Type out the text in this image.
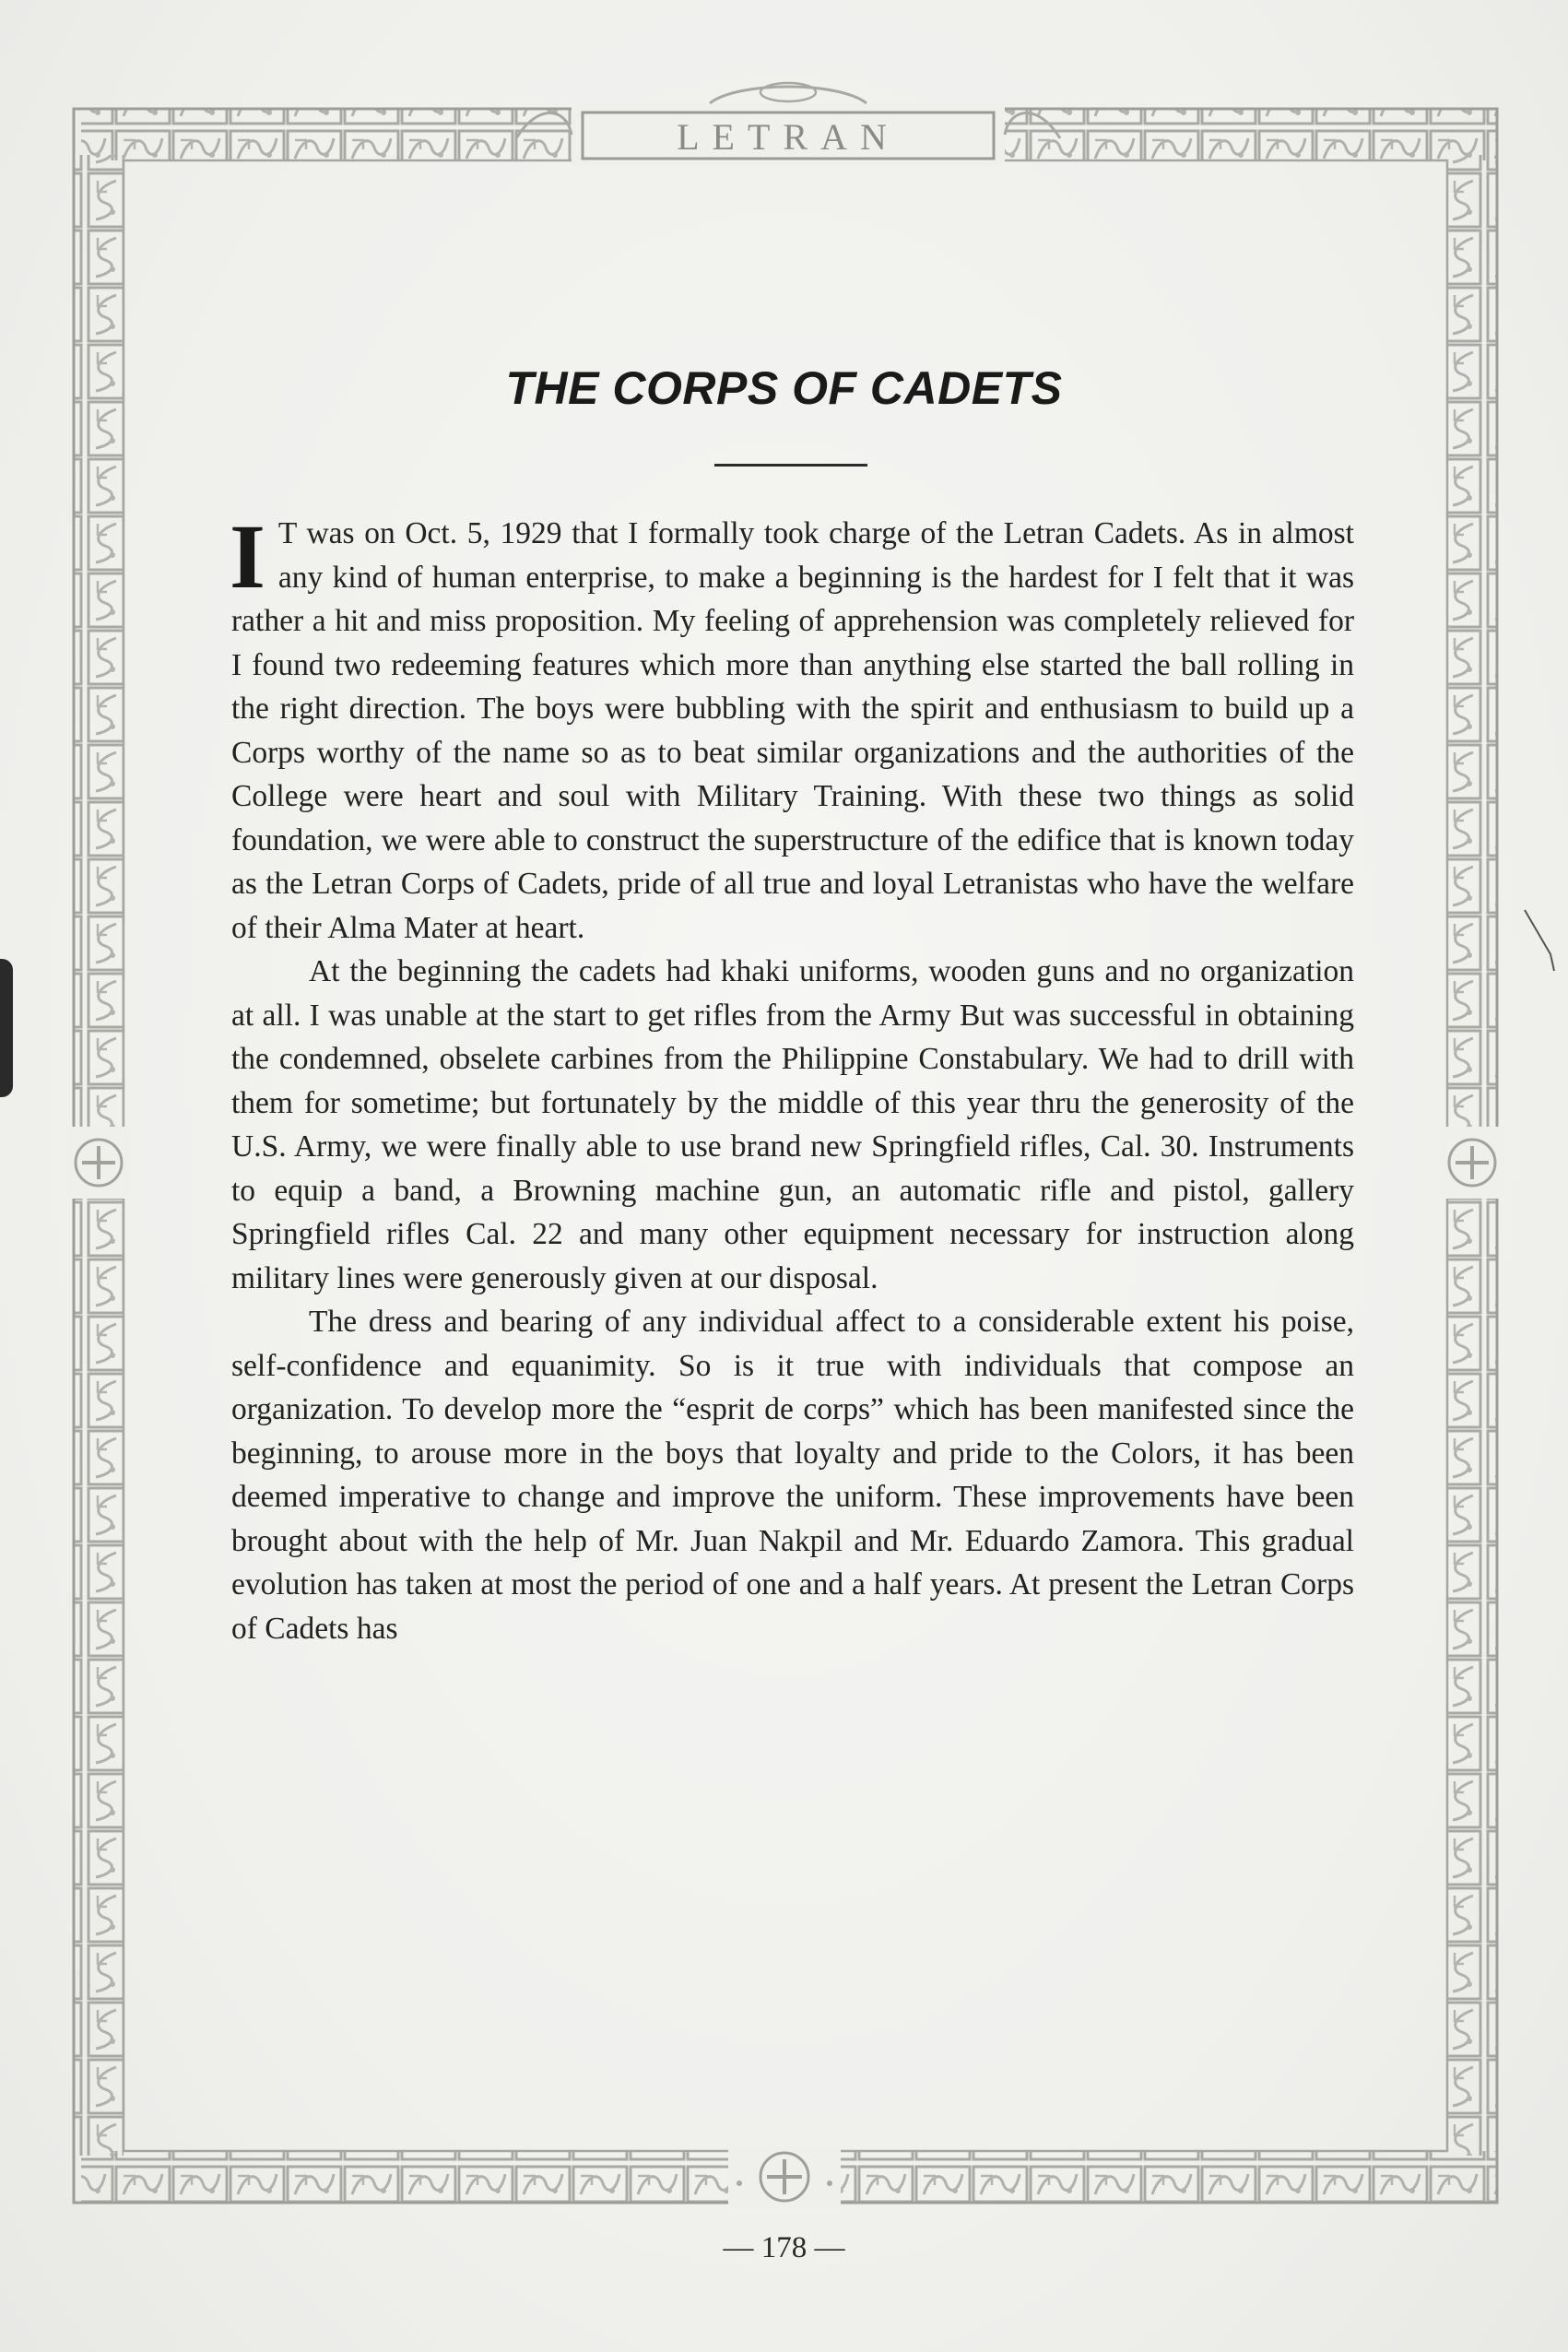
LETRAN
THE CORPS OF CADETS

I T was on Oct. 5, 1929 that I formally took charge of the Letran Cadets. As in almost any kind of human enterprise, to make a beginning is the hardest for I felt that it was rather a hit and miss proposition. My feeling of apprehension was completely relieved for I found two redeeming features which more than anything else started the ball rolling in the right direction. The boys were bubbling with the spirit and enthusiasm to build up a Corps worthy of the name so as to beat similar organizations and the authorities of the College were heart and soul with Military Training. With these two things as solid foundation, we were able to construct the superstructure of the edifice that is known today as the Letran Corps of Cadets, pride of all true and loyal Letranistas who have the welfare of their Alma Mater at heart.

At the beginning the cadets had khaki uniforms, wooden guns and no organization at all. I was unable at the start to get rifles from the Army But was successful in obtaining the condemned, obselete carbines from the Philippine Constabulary. We had to drill with them for sometime; but fortunately by the middle of this year thru the generosity of the U.S. Army, we were finally able to use brand new Springfield rifles, Cal. 30. Instruments to equip a band, a Browning machine gun, an automatic rifle and pistol, gallery Springfield rifles Cal. 22 and many other equipment necessary for instruction along military lines were generously given at our disposal.

The dress and bearing of any individual affect to a considerable extent his poise, self-confidence and equanimity. So is it true with individuals that compose an organization. To develop more the “esprit de corps” which has been manifested since the beginning, to arouse more in the boys that loyalty and pride to the Colors, it has been deemed imperative to change and improve the uniform. These improvements have been brought about with the help of Mr. Juan Nakpil and Mr. Eduardo Zamora. This gradual evolution has taken at most the period of one and a half years. At present the Letran Corps of Cadets has

— 178 —
